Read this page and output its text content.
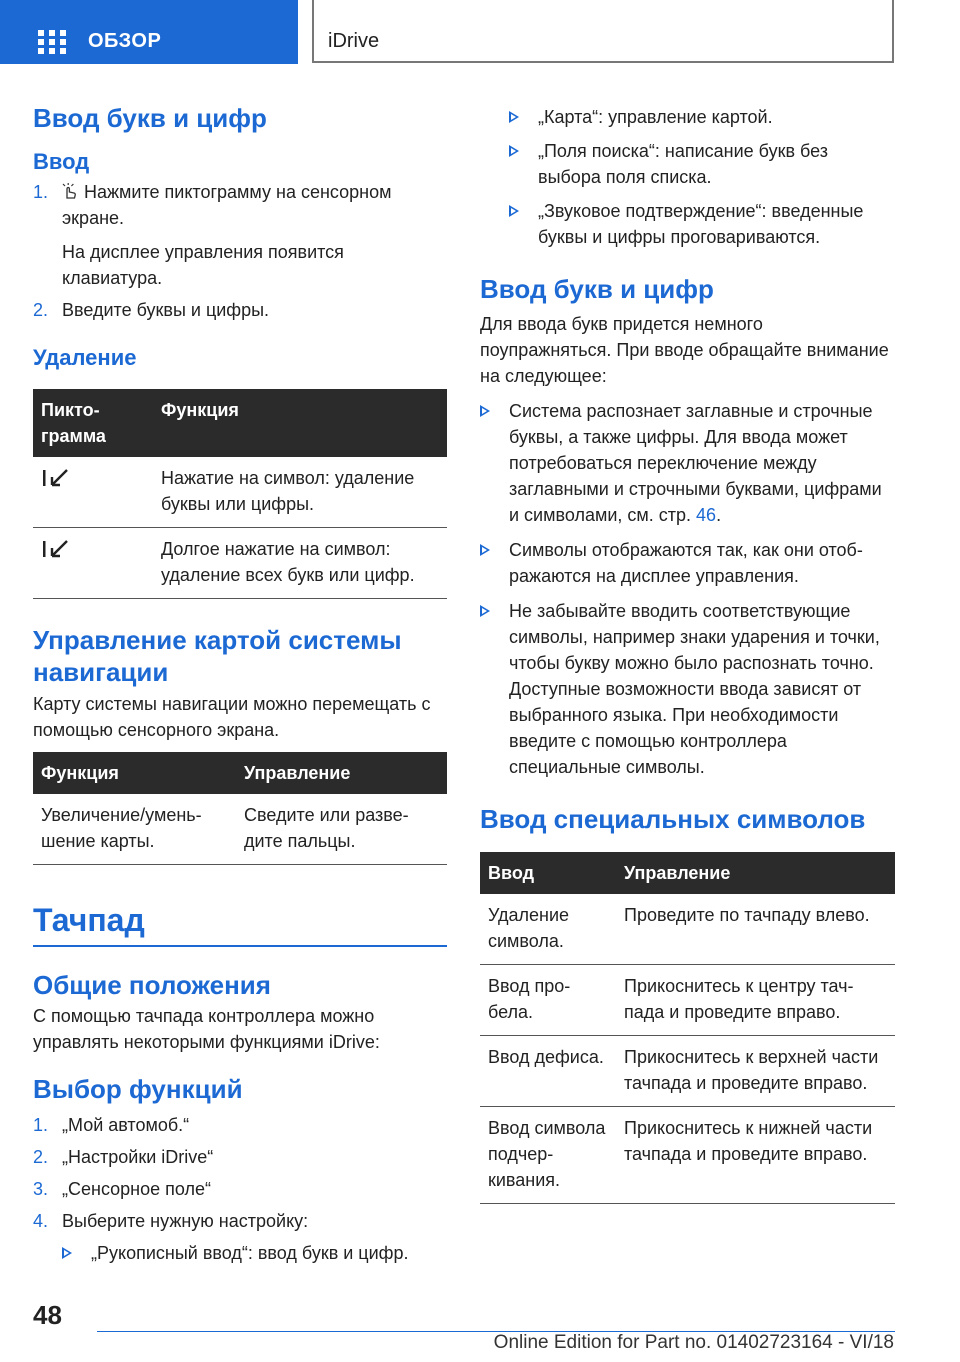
ОБЗОР	iDrive
Ввод букв и цифр
Ввод
1. Нажмите пиктограмму на сенсорном экране.
На дисплее управления появится клавиатура.
2. Введите буквы и цифры.
Удаление
Пиктограмма	Функция

	Нажатие на символ: удаление буквы или цифры.

	Долгое нажатие на символ: удаление всех букв или цифр.
Управление картой системы навигации

Карту системы навигации можно перемещать с помощью сенсорного экрана.

Функция	Управление
Увеличение/уменьшение карты.	Сведите или разведите пальцы.
Тачпад
Общие положения

С помощью тачпада контроллера можно управлять некоторыми функциями iDrive:

Выбор функций
1. „Мой автомоб.“
2. „Настройки iDrive“
3. „Сенсорное поле“
4. Выберите нужную настройку:
„Рукописный ввод“: ввод букв и цифр.
„Карта“: управление картой.
„Поля поиска“: написание букв без выбора поля списка.
„Звуковое подтверждение“: введенные буквы и цифры проговариваются.
Ввод букв и цифр

Для ввода букв придется немного поупражняться. При вводе обращайте внимание на следующее:

Система распознает заглавные и строчные буквы, а также цифры. Для ввода может потребоваться переключение между заглавными и строчными буквами, цифрами и символами, см. стр. 46.
Символы отображаются так, как они отображаются на дисплее управления.
Не забывайте вводить соответствующие символы, например знаки ударения и точки, чтобы букву можно было распознать точно. Доступные возможности ввода зависят от выбранного языка. При необходимости введите с помощью контроллера специальные символы.
Ввод специальных символов
Ввод	Управление
Удаление символа.	Проведите по тачпаду влево.
Ввод пробела.	Прикоснитесь к центру тачпада и проведите вправо.
Ввод дефиса.	Прикоснитесь к верхней части тачпада и проведите вправо.
Ввод символа подчеркивания.	Прикоснитесь к нижней части тачпада и проведите вправо.
48
Online Edition for Part no. 01402723164 - VI/18
